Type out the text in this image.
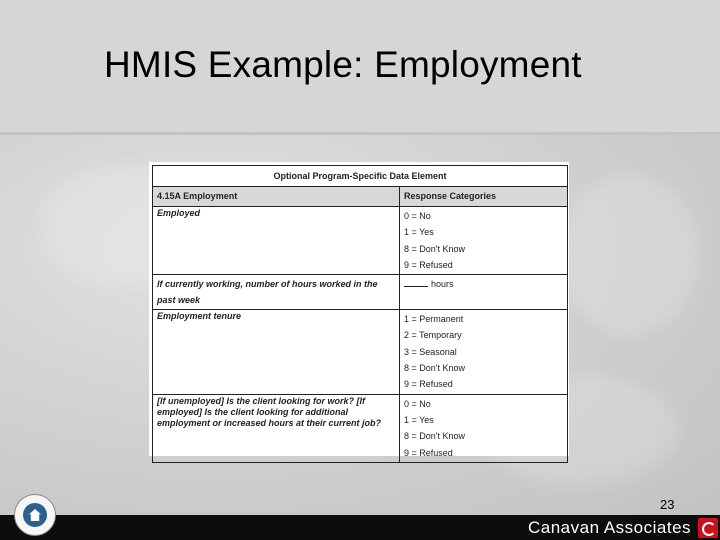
HMIS Example: Employment
Optional Program-Specific Data Element	
4.15A Employment	Response Categories
Employed	0 = No
1 = Yes
8 = Don't Know
9 = Refused

If currently working, number of hours worked in the past week	hours

Employment tenure	1 = Permanent
2 = Temporary
3 = Seasonal
8 = Don't Know
9 = Refused

[If unemployed] Is the client looking for work? [If employed] Is the client looking for additional employment or increased hours at their current job?	0 = No
1 = Yes
8 = Don't Know
9 = Refused
23
Canavan Associates
